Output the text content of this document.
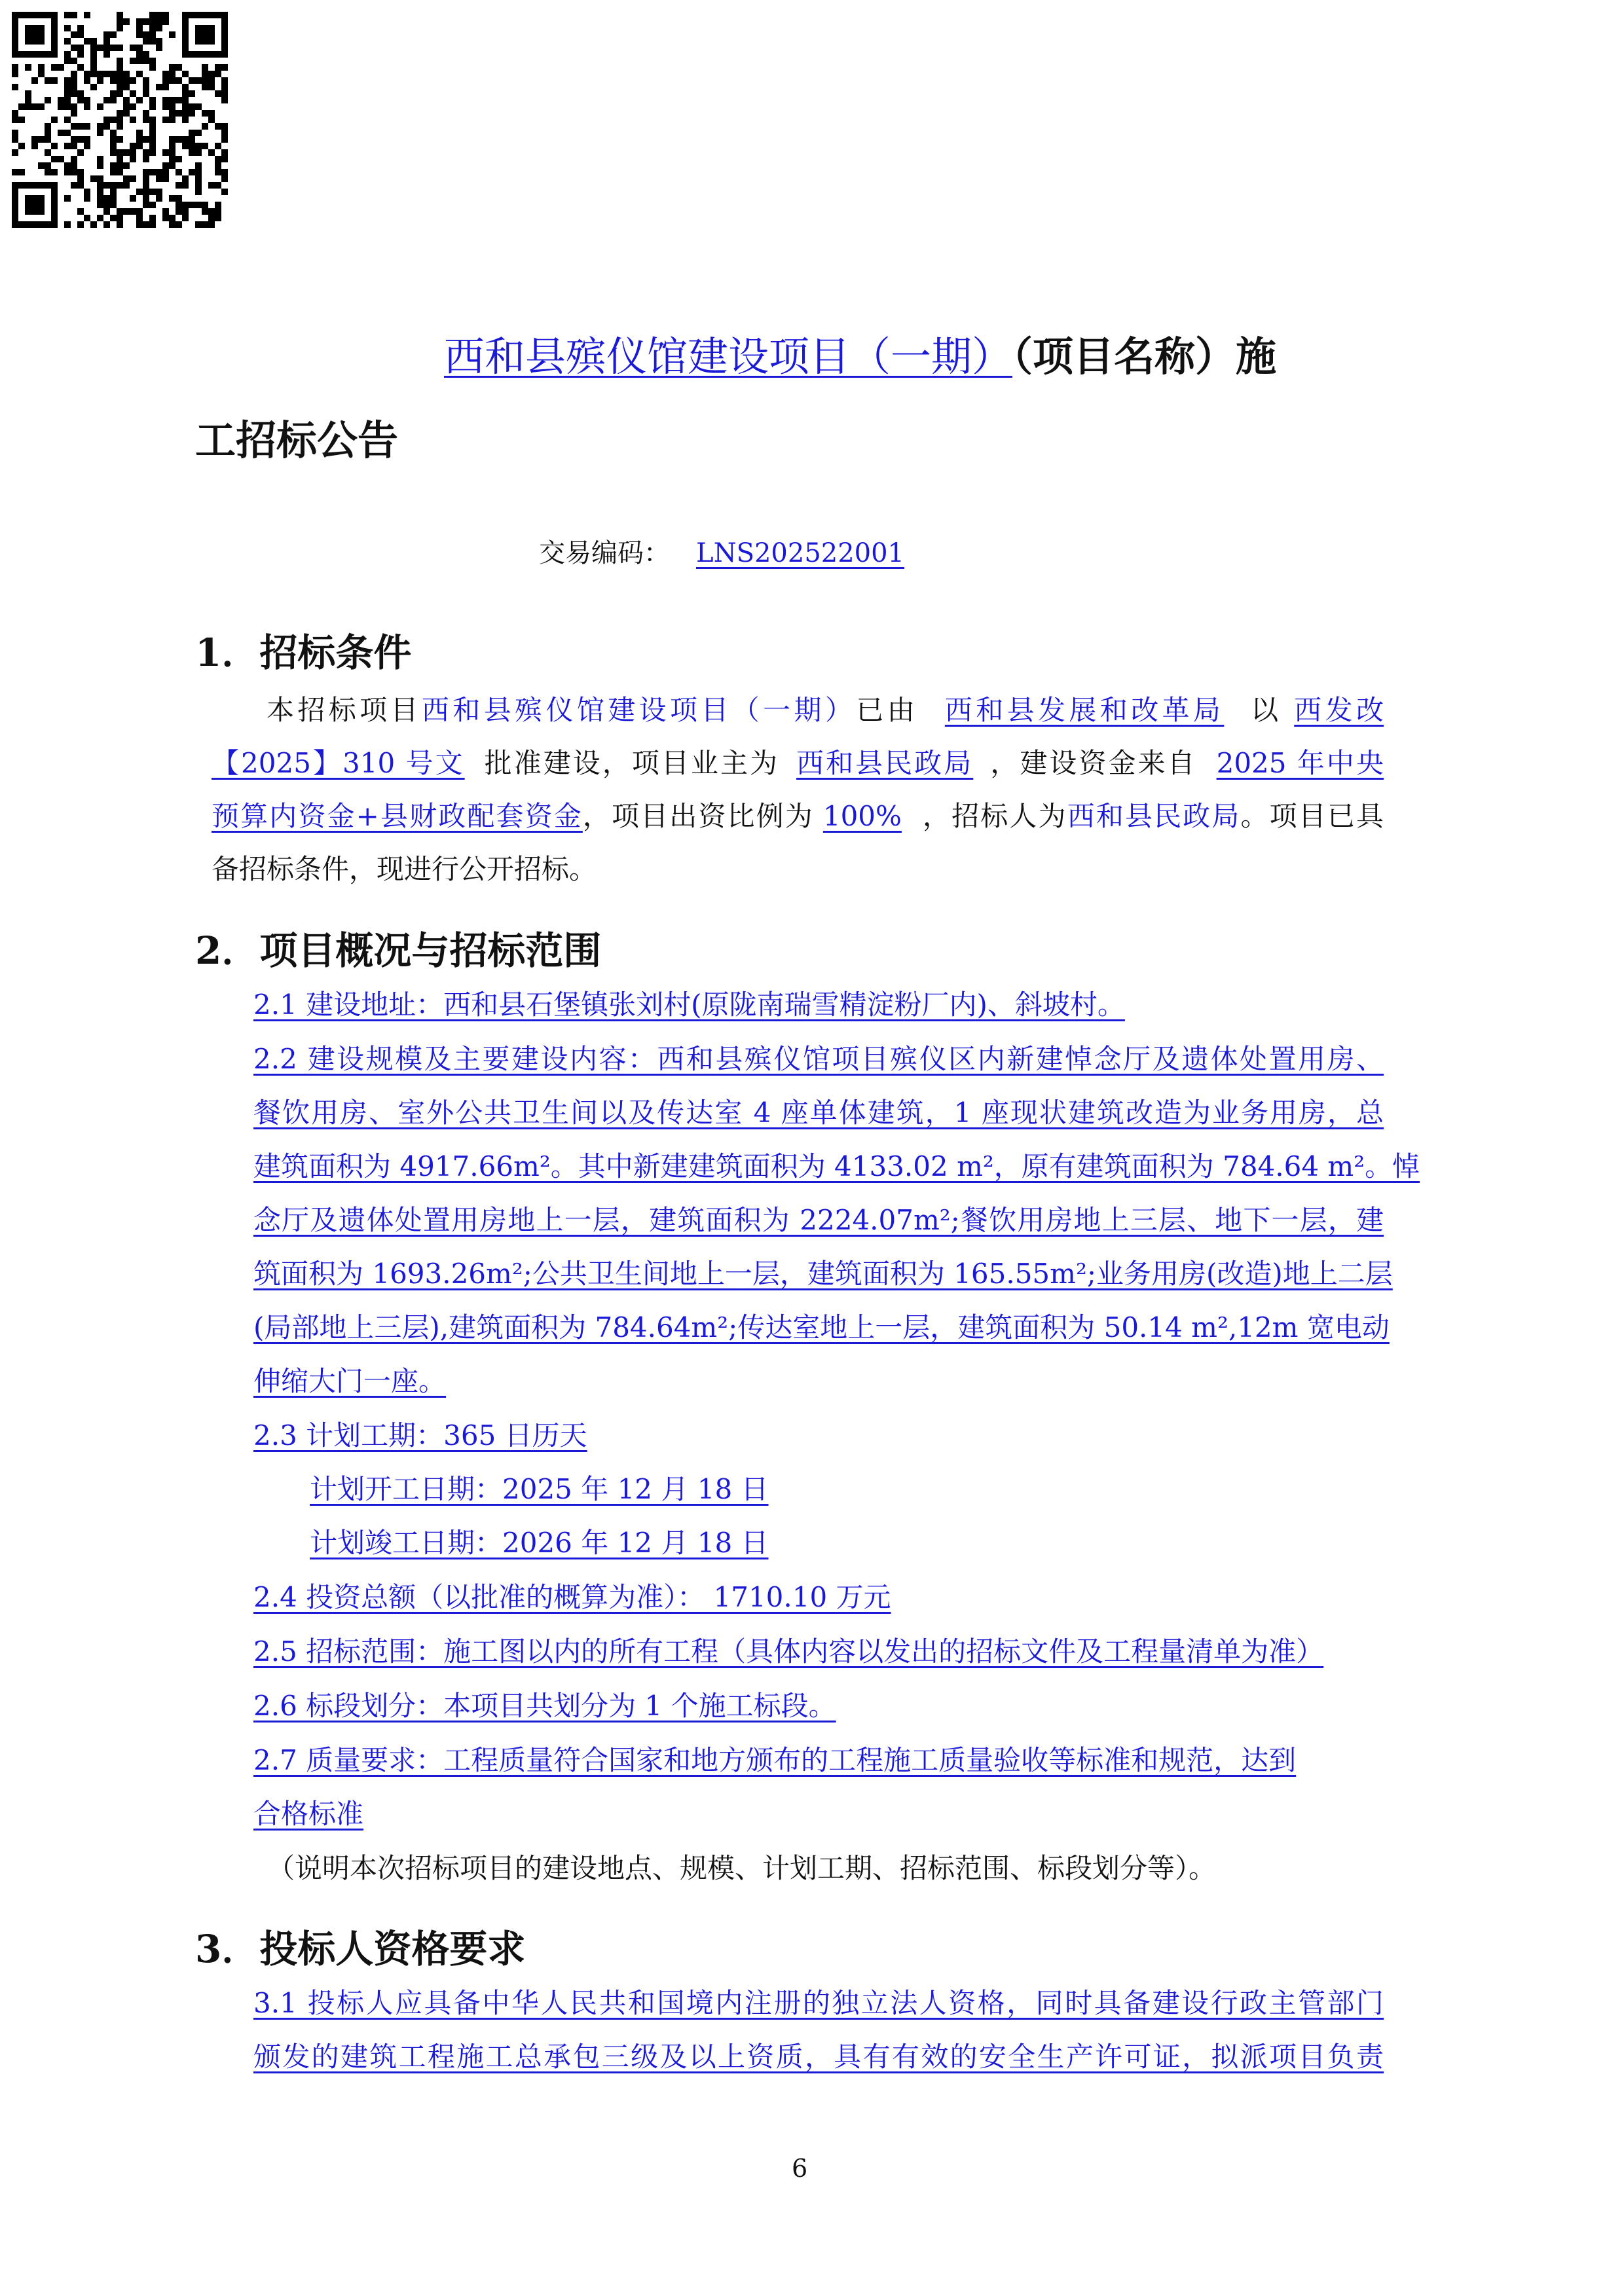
西和县殡仪馆建设项目（一期）（项目名称）施
工招标公告
交易编码： LNS202522001
1．招标条件
本招标项目西和县殡仪馆建设项目（一期）已由 西和县发展和改革局 以 西发改
【2025】310 号文 批准建设，项目业主为 西和县民政局 ，建设资金来自 2025 年中央
预算内资金+县财政配套资金，项目出资比例为 100% ，招标人为西和县民政局。项目已具
备招标条件，现进行公开招标。
2．项目概况与招标范围
2.1 建设地址：西和县石堡镇张刘村(原陇南瑞雪精淀粉厂内)、斜坡村。
2.2 建设规模及主要建设内容：西和县殡仪馆项目殡仪区内新建悼念厅及遗体处置用房、
餐饮用房、室外公共卫生间以及传达室 4 座单体建筑，1 座现状建筑改造为业务用房，总
建筑面积为 4917.66m²。其中新建建筑面积为 4133.02 m²，原有建筑面积为 784.64 m²。悼
念厅及遗体处置用房地上一层，建筑面积为 2224.07m²;餐饮用房地上三层、地下一层，建
筑面积为 1693.26m²;公共卫生间地上一层，建筑面积为 165.55m²;业务用房(改造)地上二层
(局部地上三层),建筑面积为 784.64m²;传达室地上一层，建筑面积为 50.14 m²,12m 宽电动
伸缩大门一座。
2.3 计划工期：365 日历天
计划开工日期：2025 年 12 月 18 日
计划竣工日期：2026 年 12 月 18 日
2.4 投资总额（以批准的概算为准）： 1710.10 万元
2.5 招标范围：施工图以内的所有工程（具体内容以发出的招标文件及工程量清单为准）
2.6 标段划分：本项目共划分为 1 个施工标段。
2.7 质量要求：工程质量符合国家和地方颁布的工程施工质量验收等标准和规范，达到
合格标准
（说明本次招标项目的建设地点、规模、计划工期、招标范围、标段划分等）。
3．投标人资格要求
3.1 投标人应具备中华人民共和国境内注册的独立法人资格，同时具备建设行政主管部门
颁发的建筑工程施工总承包三级及以上资质，具有有效的安全生产许可证，拟派项目负责
6
